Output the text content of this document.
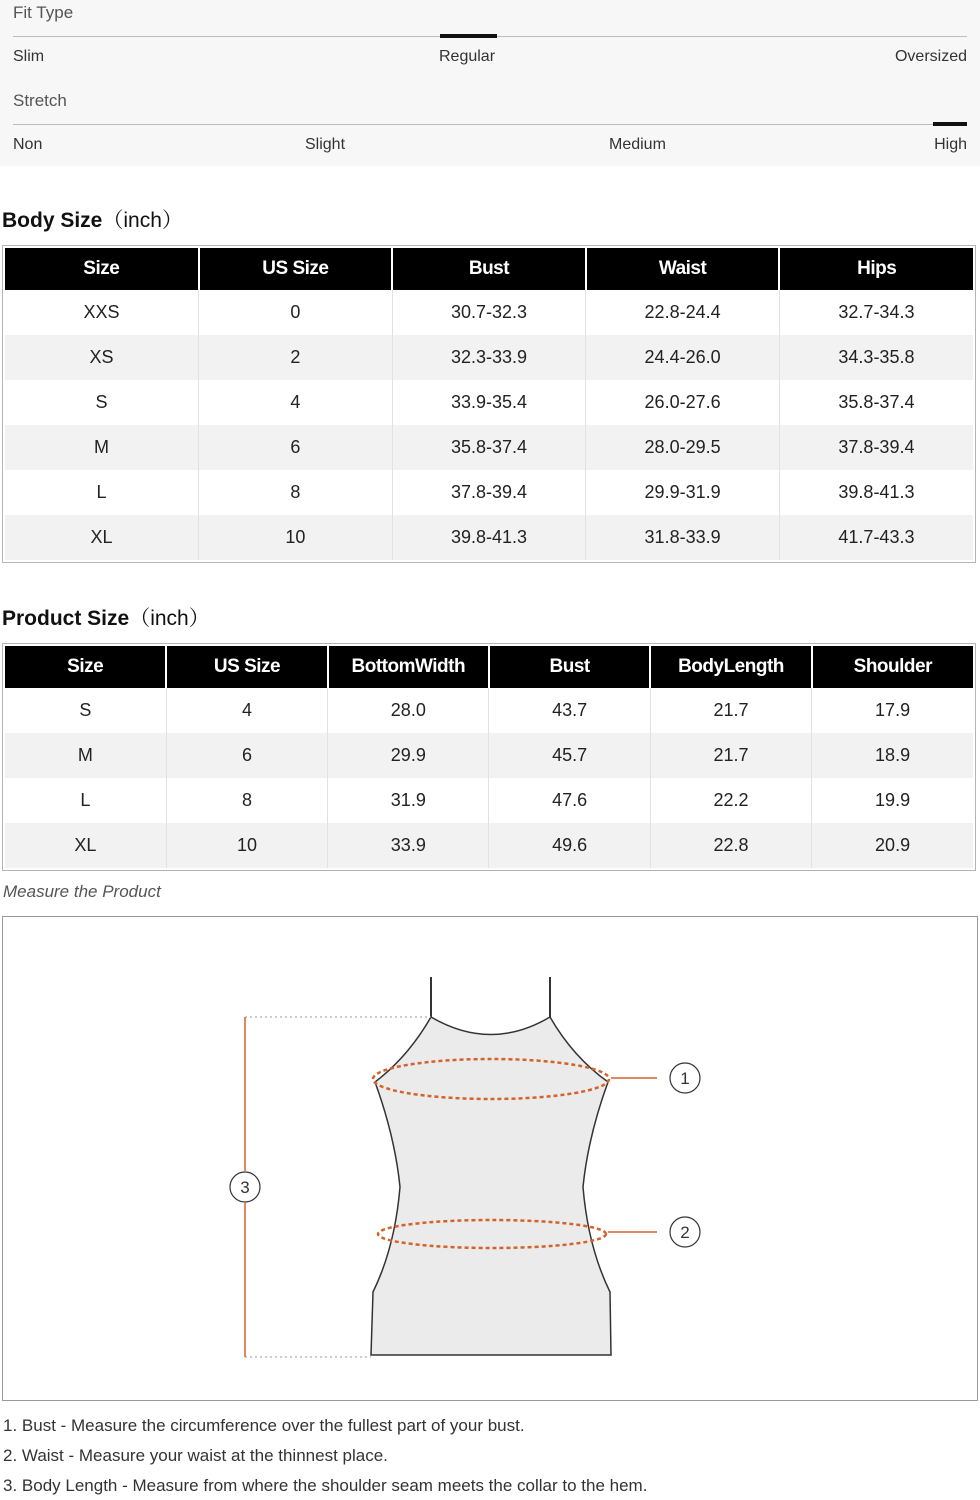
Fit Type
Slim	Regular	Oversized
Stretch
Non	Slight	Medium	High
Body Size（inch）
Size	US Size	Bust	Waist	Hips
XXS	0	30.7-32.3	22.8-24.4	32.7-34.3
XS	2	32.3-33.9	24.4-26.0	34.3-35.8
S	4	33.9-35.4	26.0-27.6	35.8-37.4
M	6	35.8-37.4	28.0-29.5	37.8-39.4
L	8	37.8-39.4	29.9-31.9	39.8-41.3
XL	10	39.8-41.3	31.8-33.9	41.7-43.3
Product Size（inch）
Size	US Size	BottomWidth	Bust	BodyLength	Shoulder
S	4	28.0	43.7	21.7	17.9
M	6	29.9	45.7	21.7	18.9
L	8	31.9	47.6	22.2	19.9
XL	10	33.9	49.6	22.8	20.9
Measure the Product
1
2
3
1. Bust - Measure the circumference over the fullest part of your bust.
2. Waist - Measure your waist at the thinnest place.
3. Body Length - Measure from where the shoulder seam meets the collar to the hem.
